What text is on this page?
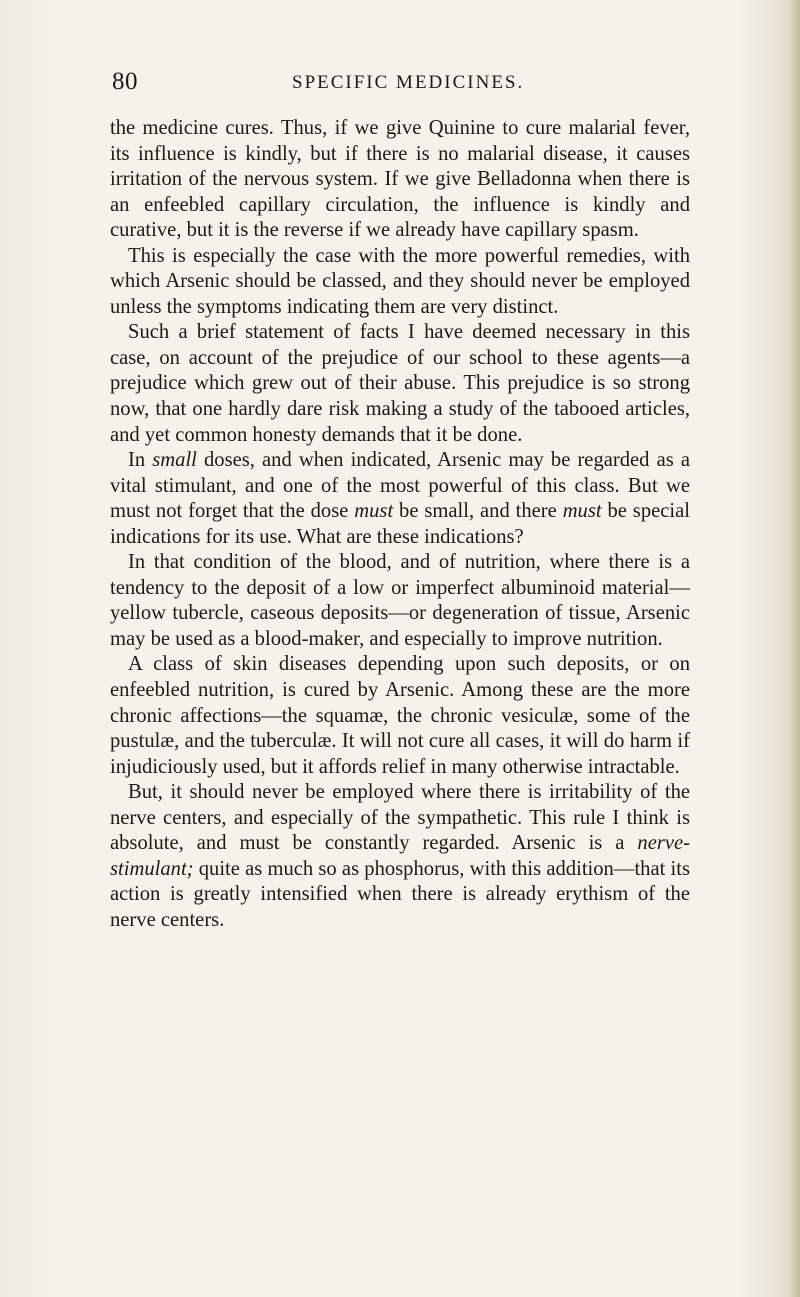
80	SPECIFIC MEDICINES.

the medicine cures. Thus, if we give Quinine to cure malarial fever, its influence is kindly, but if there is no malarial disease, it causes irritation of the nervous system. If we give Belladonna when there is an enfeebled capillary circulation, the influence is kindly and curative, but it is the reverse if we already have capillary spasm.

This is especially the case with the more powerful remedies, with which Arsenic should be classed, and they should never be employed unless the symptoms indicating them are very distinct.

Such a brief statement of facts I have deemed necessary in this case, on account of the prejudice of our school to these agents—a prejudice which grew out of their abuse. This prejudice is so strong now, that one hardly dare risk making a study of the tabooed articles, and yet common honesty demands that it be done.

In small doses, and when indicated, Arsenic may be regarded as a vital stimulant, and one of the most powerful of this class. But we must not forget that the dose must be small, and there must be special indications for its use. What are these indications?

In that condition of the blood, and of nutrition, where there is a tendency to the deposit of a low or imperfect albuminoid material—yellow tubercle, caseous deposits—or degeneration of tissue, Arsenic may be used as a blood-maker, and especially to improve nutrition.

A class of skin diseases depending upon such deposits, or on enfeebled nutrition, is cured by Arsenic. Among these are the more chronic affections—the squamæ, the chronic vesiculæ, some of the pustulæ, and the tuberculæ. It will not cure all cases, it will do harm if injudiciously used, but it affords relief in many otherwise intractable.

But, it should never be employed where there is irritability of the nerve centers, and especially of the sympathetic. This rule I think is absolute, and must be constantly regarded. Arsenic is a nerve-stimulant; quite as much so as phosphorus, with this addition—that its action is greatly intensified when there is already erythism of the nerve centers.
